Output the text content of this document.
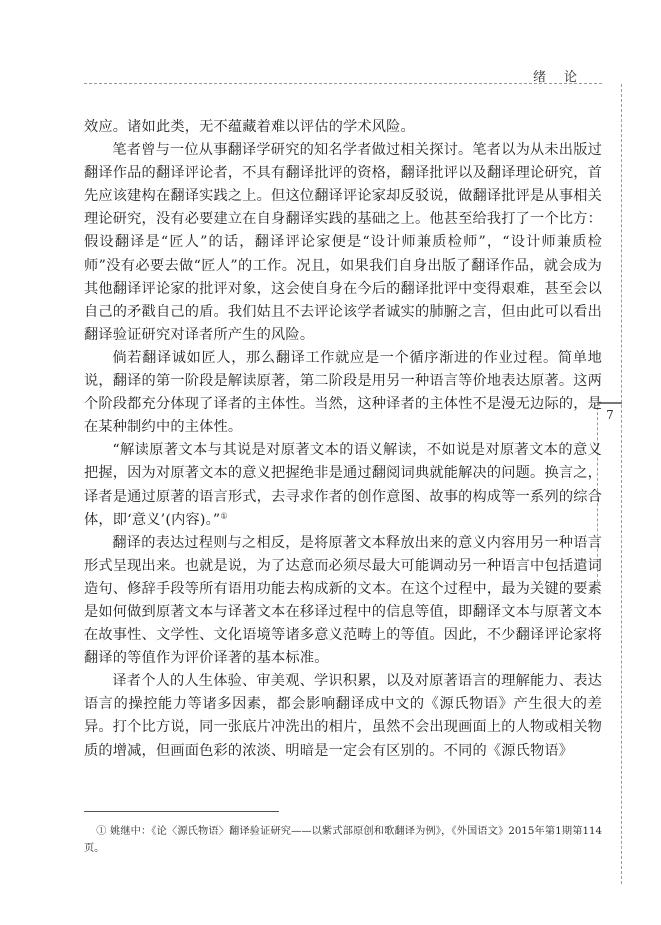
绪论
7

效应。诸如此类，无不蕴藏着难以评估的学术风险。

笔者曾与一位从事翻译学研究的知名学者做过相关探讨。笔者以为从未出版过翻译作品的翻译评论者，不具有翻译批评的资格，翻译批评以及翻译理论研究，首先应该建构在翻译实践之上。但这位翻译评论家却反驳说，做翻译批评是从事相关理论研究，没有必要建立在自身翻译实践的基础之上。他甚至给我打了一个比方：假设翻译是“匠人”的话，翻译评论家便是“设计师兼质检师”，“设计师兼质检师”没有必要去做“匠人”的工作。况且，如果我们自身出版了翻译作品，就会成为其他翻译评论家的批评对象，这会使自身在今后的翻译批评中变得艰难，甚至会以自己的矛戳自己的盾。我们姑且不去评论该学者诚实的肺腑之言，但由此可以看出翻译验证研究对译者所产生的风险。

倘若翻译诚如匠人，那么翻译工作就应是一个循序渐进的作业过程。简单地说，翻译的第一阶段是解读原著，第二阶段是用另一种语言等价地表达原著。这两个阶段都充分体现了译者的主体性。当然，这种译者的主体性不是漫无边际的，是在某种制约中的主体性。

“解读原著文本与其说是对原著文本的语义解读，不如说是对原著文本的意义把握，因为对原著文本的意义把握绝非是通过翻阅词典就能解决的问题。换言之，译者是通过原著的语言形式，去寻求作者的创作意图、故事的构成等一系列的综合体，即‘意义’(内容)。”①

翻译的表达过程则与之相反，是将原著文本释放出来的意义内容用另一种语言形式呈现出来。也就是说，为了达意而必须尽最大可能调动另一种语言中包括遣词造句、修辞手段等所有语用功能去构成新的文本。在这个过程中，最为关键的要素是如何做到原著文本与译著文本在移译过程中的信息等值，即翻译文本与原著文本在故事性、文学性、文化语境等诸多意义范畴上的等值。因此，不少翻译评论家将翻译的等值作为评价译著的基本标准。

译者个人的人生体验、审美观、学识积累，以及对原著语言的理解能力、表达语言的操控能力等诸多因素，都会影响翻译成中文的《源氏物语》产生很大的差异。打个比方说，同一张底片冲洗出的相片，虽然不会出现画面上的人物或相关物质的增减，但画面色彩的浓淡、明暗是一定会有区别的。不同的《源氏物语》

① 姚继中：《论〈源氏物语〉翻译验证研究——以紫式部原创和歌翻译为例》，《外国语文》2015年第1期第114页。
